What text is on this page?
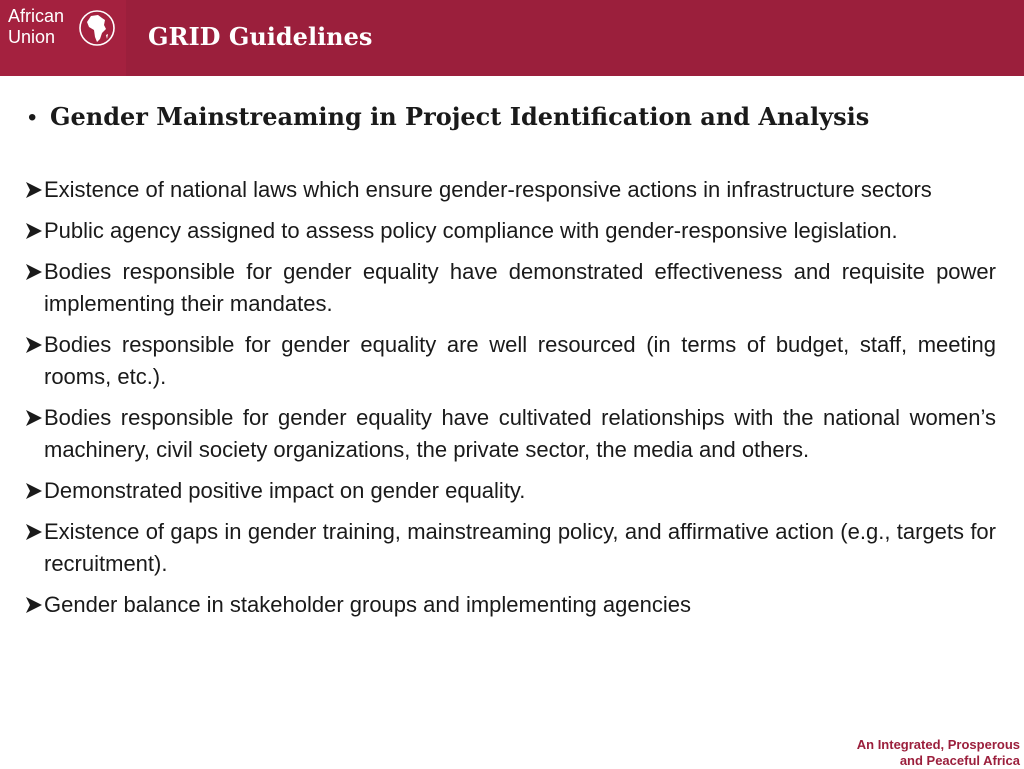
African
Union	GRID Guidelines
• Gender Mainstreaming in Project Identification and Analysis
Existence of national laws which ensure gender-responsive actions in infrastructure sectors
Public agency assigned to assess policy compliance with gender-responsive legislation.
Bodies responsible for gender equality have demonstrated effectiveness and requisite power implementing their mandates.
Bodies responsible for gender equality are well resourced (in terms of budget, staff, meeting rooms, etc.).
Bodies responsible for gender equality have cultivated relationships with the national women’s machinery, civil society organizations, the private sector, the media and others.
Demonstrated positive impact on gender equality.
Existence of gaps in gender training, mainstreaming policy, and affirmative action (e.g., targets for recruitment).
Gender balance in stakeholder groups and implementing agencies
An Integrated, Prosperous
and Peaceful Africa
